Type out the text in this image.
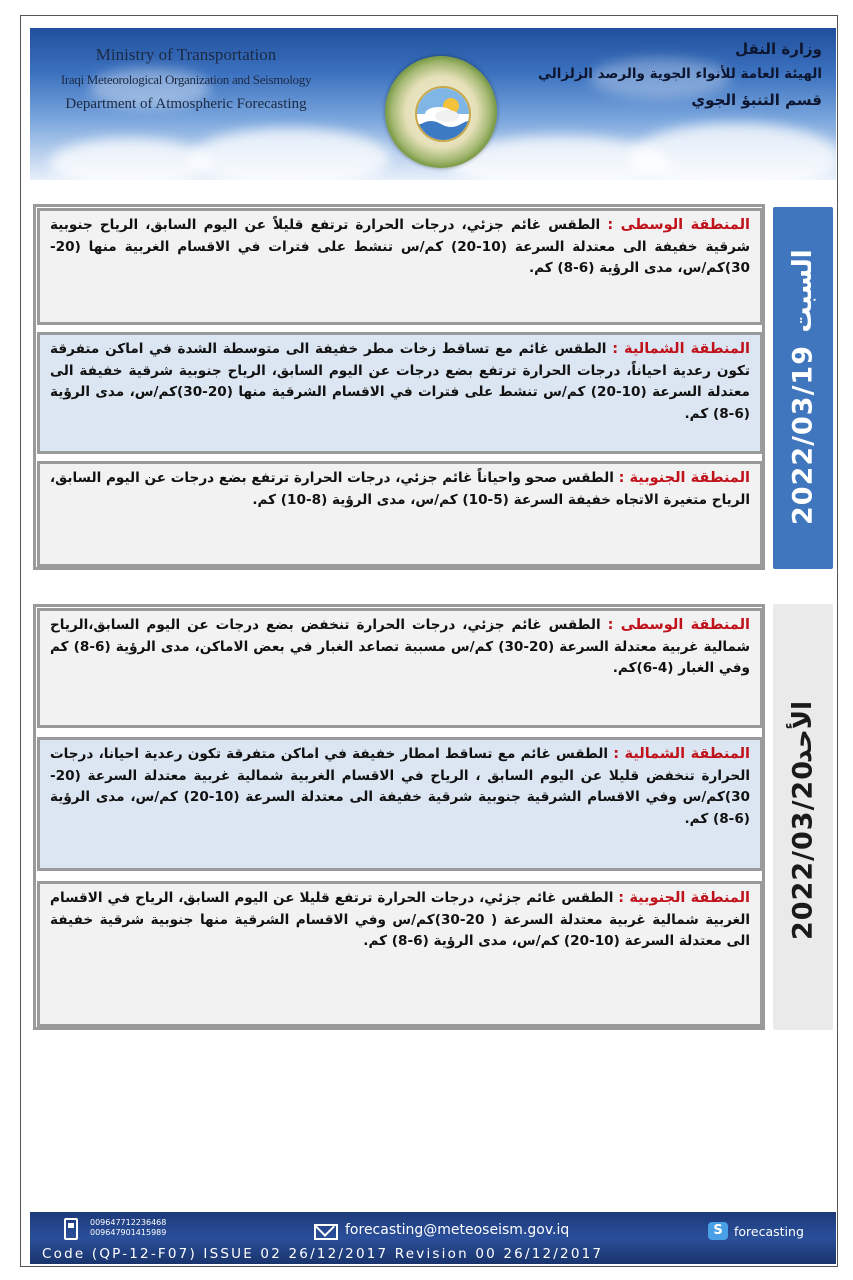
Ministry of Transportation
Iraqi Meteorological Organization and Seismology
Department of Atmospheric Forecasting
وزارة النقل
الهيئة العامة للأنواء الجوية والرصد الزلزالي
قسم التنبؤ الجوي
المنطقة الوسطى : الطقس غائم جزئي، درجات الحرارة ترتفع قليلاً عن اليوم السابق، الرياح جنوبية شرقية خفيفة الى معتدلة السرعة (10-20) كم/س تنشط على فترات في الاقسام الغربية منها (20-30)كم/س، مدى الرؤية (6-8) كم.
المنطقة الشمالية : الطقس غائم مع تساقط زخات مطر خفيفة الى متوسطة الشدة في اماكن متفرقة تكون رعدية احياناً، درجات الحرارة ترتفع بضع درجات عن اليوم السابق، الرياح جنوبية شرقية خفيفة الى معتدلة السرعة (10-20) كم/س تنشط على فترات في الاقسام الشرقية منها (20-30)كم/س، مدى الرؤية (6-8) كم.
المنطقة الجنوبية : الطقس صحو واحياناً غائم جزئي، درجات الحرارة ترتفع بضع درجات عن اليوم السابق، الرياح متغيرة الاتجاه خفيفة السرعة (5-10) كم/س، مدى الرؤية (8-10) كم.	2022/03/19
السبت
المنطقة الوسطى : الطقس غائم جزئي، درجات الحرارة تنخفض بضع درجات عن اليوم السابق،الرياح شمالية غربية معتدلة السرعة (20-30) كم/س مسببة تصاعد الغبار في بعض الاماكن، مدى الرؤية (6-8) كم وفي الغبار (4-6)كم.
المنطقة الشمالية : الطقس غائم مع تساقط امطار خفيفة في اماكن متفرقة تكون رعدية احيانا، درجات الحرارة تنخفض قليلا عن اليوم السابق ، الرياح في الاقسام الغربية شمالية غربية معتدلة السرعة (20-30)كم/س وفي الاقسام الشرقية جنوبية شرقية خفيفة الى معتدلة السرعة (10-20) كم/س، مدى الرؤية (6-8) كم.
المنطقة الجنوبية : الطقس غائم جزئي، درجات الحرارة ترتفع قليلا عن اليوم السابق، الرياح في الاقسام الغربية شمالية غربية معتدلة السرعة ( 20-30)كم/س وفي الاقسام الشرقية منها جنوبية شرقية خفيفة الى معتدلة السرعة (10-20) كم/س، مدى الرؤية (6-8) كم.
2022/03/20
الأحد
009647712236468
009647901415989	forecasting@meteoseism.gov.iq	S forecasting
Code (QP-12-F07) ISSUE 02 26/12/2017 Revision 00 26/12/2017
